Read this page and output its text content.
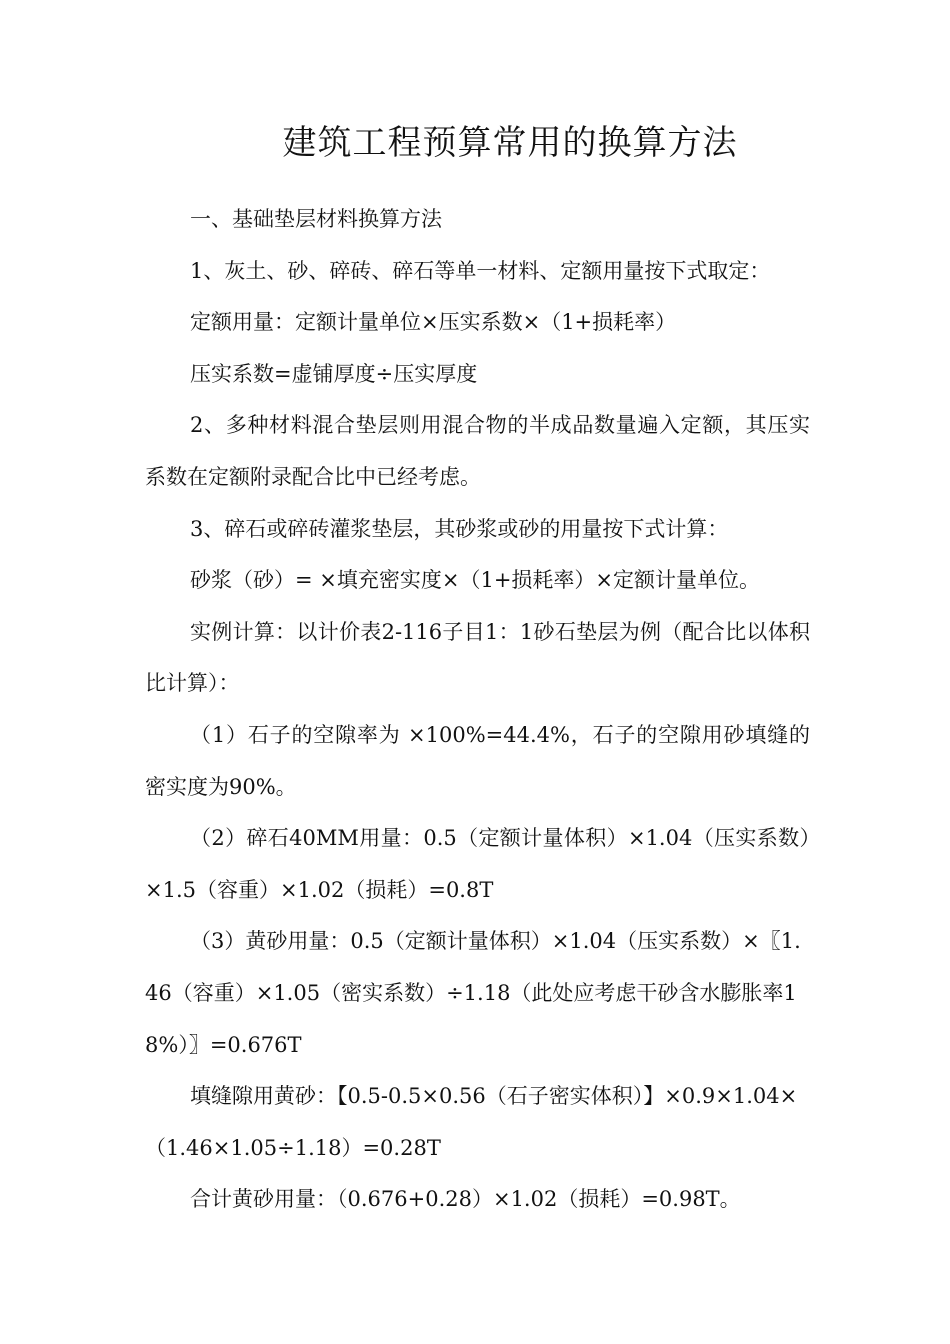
建筑工程预算常用的换算方法

一、基础垫层材料换算方法

1、灰土、砂、碎砖、碎石等单一材料、定额用量按下式取定：

定额用量：定额计量单位×压实系数×（1+损耗率）

压实系数=虚铺厚度÷压实厚度

2、多种材料混合垫层则用混合物的半成品数量遍入定额，其压实系数在定额附录配合比中已经考虑。

3、碎石或碎砖灌浆垫层，其砂浆或砂的用量按下式计算：

砂浆（砂）= ×填充密实度×（1+损耗率）×定额计量单位。

实例计算：以计价表2-116子目1：1砂石垫层为例（配合比以体积比计算）：

（1）石子的空隙率为 ×100%=44.4%，石子的空隙用砂填缝的密实度为90%。

（2）碎石40MM用量：0.5（定额计量体积）×1.04（压实系数）×1.5（容重）×1.02（损耗）=0.8T

（3）黄砂用量：0.5（定额计量体积）×1.04（压实系数）×〖1.46（容重）×1.05（密实系数）÷1.18（此处应考虑干砂含水膨胀率18%）〗=0.676T

填缝隙用黄砂：【0.5-0.5×0.56（石子密实体积）】×0.9×1.04×（1.46×1.05÷1.18）=0.28T

合计黄砂用量：（0.676+0.28）×1.02（损耗）=0.98T。
